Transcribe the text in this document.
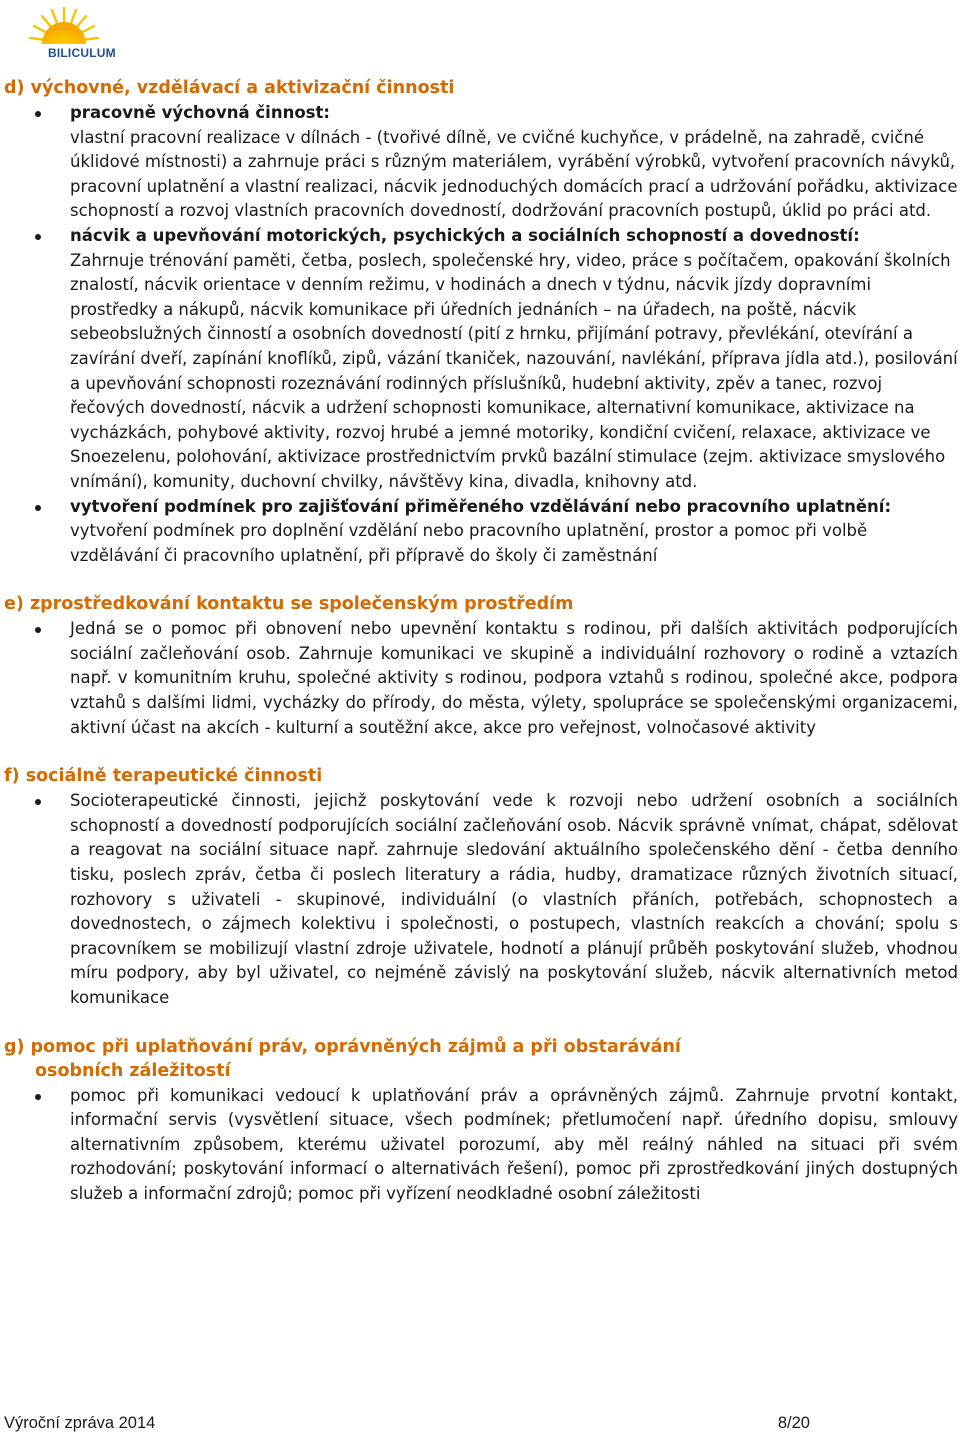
BILICULUM
d) výchovné, vzdělávací a aktivizační činnosti
pracovně výchovná činnost:
vlastní pracovní realizace v dílnách - (tvořivé dílně, ve cvičné kuchyňce, v prádelně, na zahradě, cvičné úklidové místnosti) a zahrnuje práci s různým materiálem, vyrábění výrobků, vytvoření pracovních návyků, pracovní uplatnění a vlastní realizaci, nácvik jednoduchých domácích prací a udržování pořádku, aktivizace schopností a rozvoj vlastních pracovních dovedností, dodržování pracovních postupů, úklid po práci atd.
nácvik a upevňování motorických, psychických a sociálních schopností a dovedností:
Zahrnuje trénování paměti, četba, poslech, společenské hry, video, práce s počítačem, opakování školních znalostí, nácvik orientace v denním režimu, v hodinách a dnech v týdnu, nácvik jízdy dopravními prostředky a nákupů, nácvik komunikace při úředních jednáních – na úřadech, na poště, nácvik sebeobslužných činností a osobních dovedností (pití z hrnku, přijímání potravy, převlékání, otevírání a zavírání dveří, zapínání knoflíků, zipů, vázání tkaniček, nazouvání, navlékání, příprava jídla atd.), posilování a upevňování schopnosti rozeznávání rodinných příslušníků, hudební aktivity, zpěv a tanec, rozvoj řečových dovedností, nácvik a udržení schopnosti komunikace, alternativní komunikace, aktivizace na vycházkách, pohybové aktivity, rozvoj hrubé a jemné motoriky, kondiční cvičení, relaxace, aktivizace ve Snoezelenu, polohování, aktivizace prostřednictvím prvků bazální stimulace (zejm. aktivizace smyslového vnímání), komunity, duchovní chvilky, návštěvy kina, divadla, knihovny atd.
vytvoření podmínek pro zajišťování přiměřeného vzdělávání nebo pracovního uplatnění:
vytvoření podmínek pro doplnění vzdělání nebo pracovního uplatnění, prostor a pomoc při volbě vzdělávání či pracovního uplatnění, při přípravě do školy či zaměstnání
e) zprostředkování kontaktu se společenským prostředím
Jedná se o pomoc při obnovení nebo upevnění kontaktu s rodinou, při dalších aktivitách podporujících sociální začleňování osob. Zahrnuje komunikaci ve skupině a individuální rozhovory o rodině a vztazích např. v komunitním kruhu, společné aktivity s rodinou, podpora vztahů s rodinou, společné akce, podpora vztahů s dalšími lidmi, vycházky do přírody, do města, výlety, spolupráce se společenskými organizacemi, aktivní účast na akcích - kulturní a soutěžní akce, akce pro veřejnost, volnočasové aktivity
f) sociálně terapeutické činnosti
Socioterapeutické činnosti, jejichž poskytování vede k rozvoji nebo udržení osobních a sociálních schopností a dovedností podporujících sociální začleňování osob. Nácvik správně vnímat, chápat, sdělovat a reagovat na sociální situace např. zahrnuje sledování aktuálního společenského dění - četba denního tisku, poslech zpráv, četba či poslech literatury a rádia, hudby, dramatizace různých životních situací, rozhovory s uživateli - skupinové, individuální (o vlastních přáních, potřebách, schopnostech a dovednostech, o zájmech kolektivu i společnosti, o postupech, vlastních reakcích a chování; spolu s pracovníkem se mobilizují vlastní zdroje uživatele, hodnotí a plánují průběh poskytování služeb, vhodnou míru podpory, aby byl uživatel, co nejméně závislý na poskytování služeb, nácvik alternativních metod komunikace
g) pomoc při uplatňování práv, oprávněných zájmů a při obstarávání
osobních záležitostí
pomoc při komunikaci vedoucí k uplatňování práv a oprávněných zájmů. Zahrnuje prvotní kontakt, informační servis (vysvětlení situace, všech podmínek; přetlumočení např. úředního dopisu, smlouvy alternativním způsobem, kterému uživatel porozumí, aby měl reálný náhled na situaci při svém rozhodování; poskytování informací o alternativách řešení), pomoc při zprostředkování jiných dostupných služeb a informační zdrojů; pomoc při vyřízení neodkladné osobní záležitosti
Výroční zpráva 2014	8/20
